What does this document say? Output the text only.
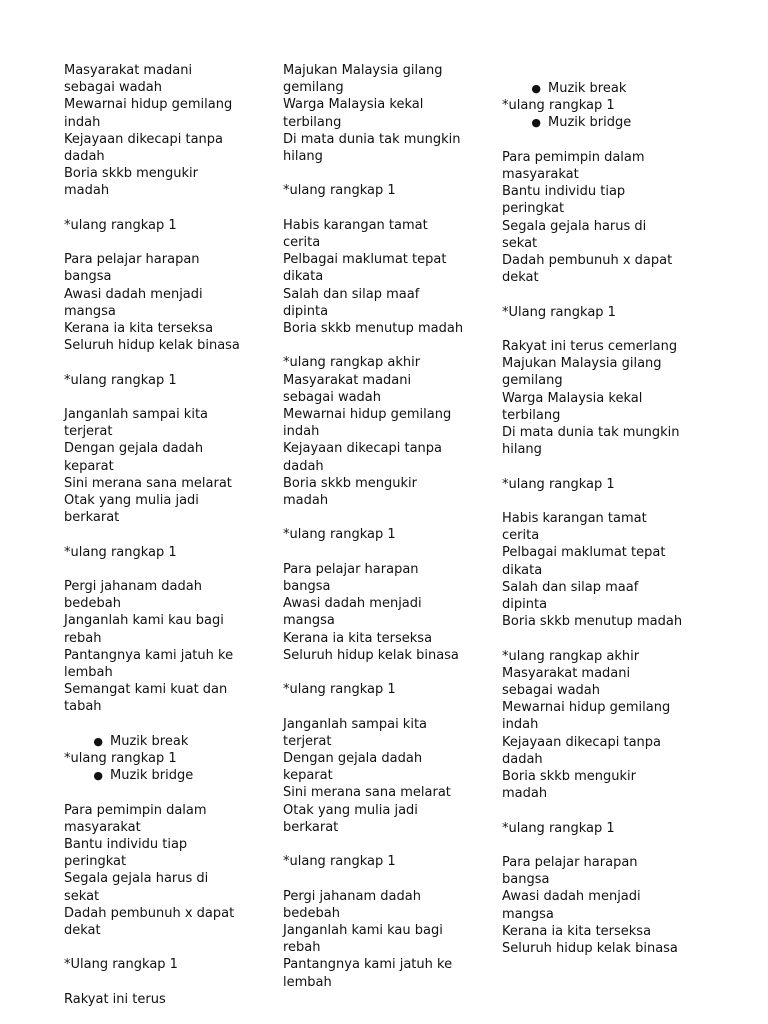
Masyarakat madani sebagai wadah
Mewarnai hidup gemilang indah
Kejayaan dikecapi tanpa dadah
Boria skkb mengukir madah
*ulang rangkap 1
Para pelajar harapan bangsa
Awasi dadah menjadi mangsa
Kerana ia kita terseksa
Seluruh hidup kelak binasa
*ulang rangkap 1
Janganlah sampai kita terjerat
Dengan gejala dadah keparat
Sini merana sana melarat
Otak yang mulia jadi berkarat
*ulang rangkap 1
Pergi jahanam dadah bedebah
Janganlah kami kau bagi rebah
Pantangnya kami jatuh ke lembah
Semangat kami kuat dan tabah
● Muzik break
*ulang rangkap 1
● Muzik bridge
Para pemimpin dalam masyarakat
Bantu individu tiap peringkat
Segala gejala harus di sekat
Dadah pembunuh x dapat dekat
*Ulang rangkap 1
Rakyat ini terus
Majukan Malaysia gilang gemilang
Warga Malaysia kekal terbilang
Di mata dunia tak mungkin hilang
*ulang rangkap 1
Habis karangan tamat cerita
Pelbagai maklumat tepat dikata
Salah dan silap maaf dipinta
Boria skkb menutup madah
*ulang rangkap akhir
Masyarakat madani sebagai wadah
Mewarnai hidup gemilang indah
Kejayaan dikecapi tanpa dadah
Boria skkb mengukir madah
*ulang rangkap 1
Para pelajar harapan bangsa
Awasi dadah menjadi mangsa
Kerana ia kita terseksa
Seluruh hidup kelak binasa
*ulang rangkap 1
Janganlah sampai kita terjerat
Dengan gejala dadah keparat
Sini merana sana melarat
Otak yang mulia jadi berkarat
*ulang rangkap 1
Pergi jahanam dadah bedebah
Janganlah kami kau bagi rebah
Pantangnya kami jatuh ke lembah
● Muzik break
*ulang rangkap 1
● Muzik bridge
Para pemimpin dalam masyarakat
Bantu individu tiap peringkat
Segala gejala harus di sekat
Dadah pembunuh x dapat dekat
*Ulang rangkap 1
Rakyat ini terus cemerlang
Majukan Malaysia gilang gemilang
Warga Malaysia kekal terbilang
Di mata dunia tak mungkin hilang
*ulang rangkap 1
Habis karangan tamat cerita
Pelbagai maklumat tepat dikata
Salah dan silap maaf dipinta
Boria skkb menutup madah
*ulang rangkap akhir
Masyarakat madani sebagai wadah
Mewarnai hidup gemilang indah
Kejayaan dikecapi tanpa dadah
Boria skkb mengukir madah
*ulang rangkap 1
Para pelajar harapan bangsa
Awasi dadah menjadi mangsa
Kerana ia kita terseksa
Seluruh hidup kelak binasa
